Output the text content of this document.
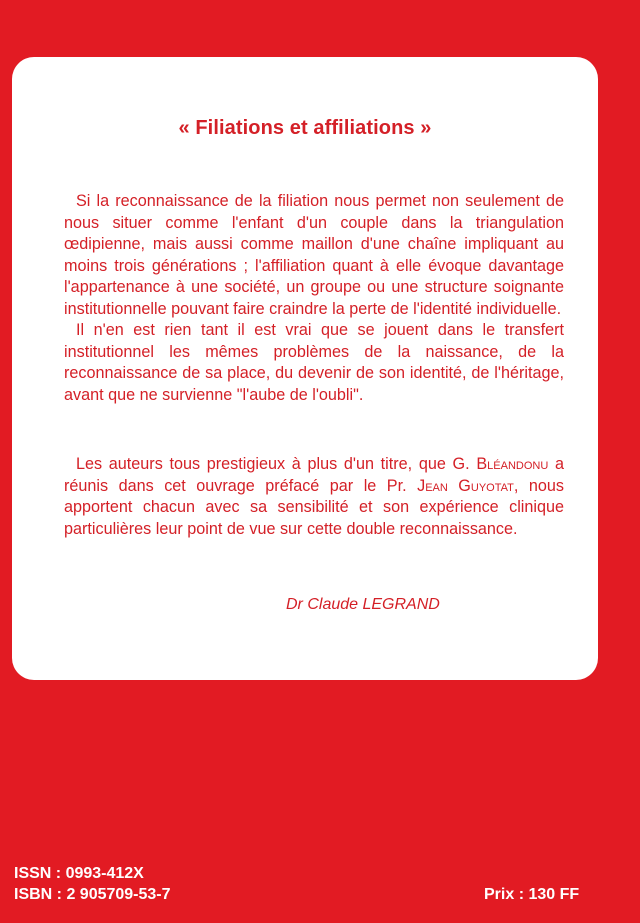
« Filiations et affiliations »

Si la reconnaissance de la filiation nous permet non seulement de nous situer comme l'enfant d'un couple dans la triangulation œdipienne, mais aussi comme maillon d'une chaîne impliquant au moins trois générations ; l'affiliation quant à elle évoque davantage l'appartenance à une société, un groupe ou une structure soignante institutionnelle pouvant faire craindre la perte de l'identité individuelle.

Il n'en est rien tant il est vrai que se jouent dans le transfert institutionnel les mêmes problèmes de la naissance, de la reconnaissance de sa place, du devenir de son identité, de l'héritage, avant que ne survienne "l'aube de l'oubli".

Les auteurs tous prestigieux à plus d'un titre, que G. Bléandonu a réunis dans cet ouvrage préfacé par le Pr. Jean Guyotat, nous apportent chacun avec sa sensibilité et son expérience clinique particulières leur point de vue sur cette double reconnaissance.

Dr Claude LEGRAND
ISSN : 0993-412X
ISBN : 2 905709-53-7	Prix : 130 FF
